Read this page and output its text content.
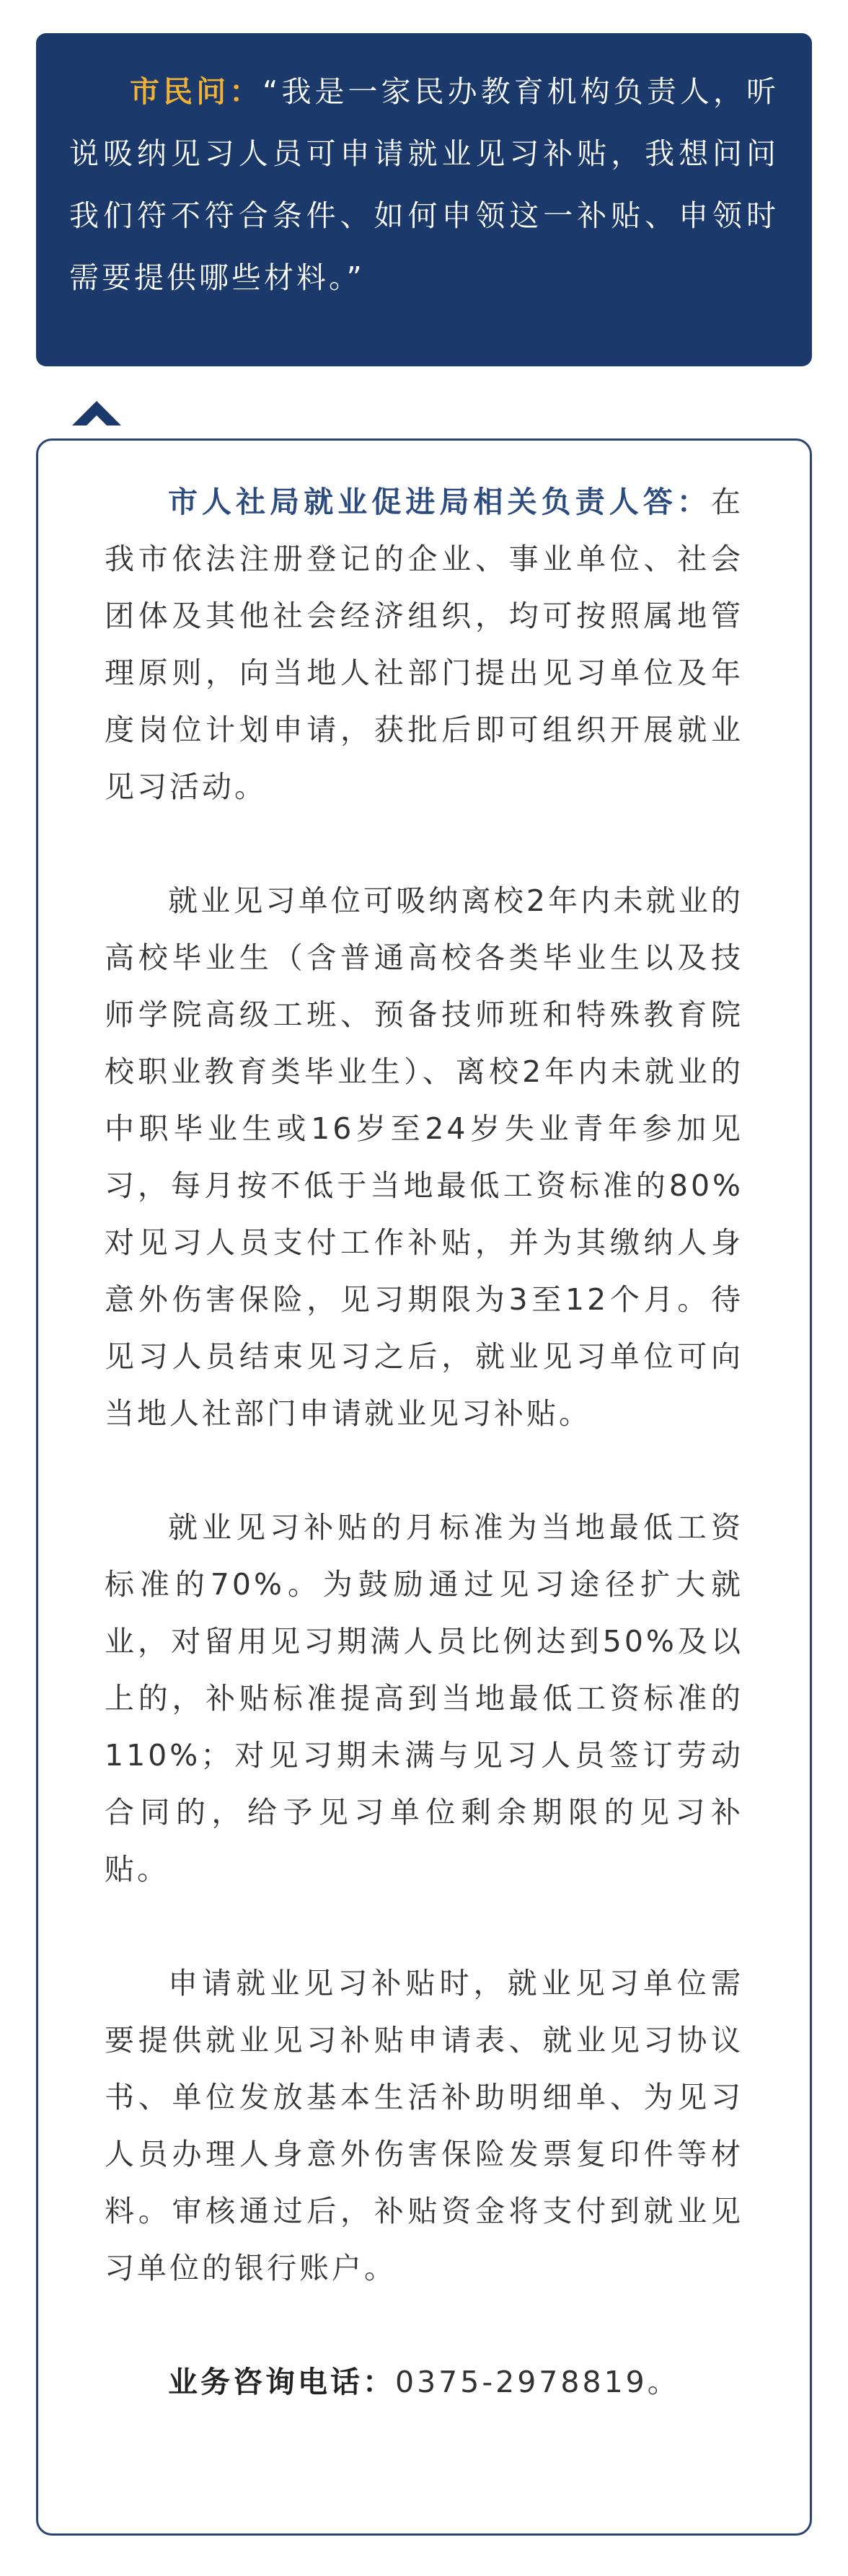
市民问：“我是一家民办教育机构负责人，听说吸纳见习人员可申请就业见习补贴，我想问问我们符不符合条件、如何申领这一补贴、申领时需要提供哪些材料。”

市人社局就业促进局相关负责人答：在我市依法注册登记的企业、事业单位、社会团体及其他社会经济组织，均可按照属地管理原则，向当地人社部门提出见习单位及年度岗位计划申请，获批后即可组织开展就业见习活动。

就业见习单位可吸纳离校2年内未就业的高校毕业生（含普通高校各类毕业生以及技师学院高级工班、预备技师班和特殊教育院校职业教育类毕业生）、离校2年内未就业的中职毕业生或16岁至24岁失业青年参加见习，每月按不低于当地最低工资标准的80%对见习人员支付工作补贴，并为其缴纳人身意外伤害保险，见习期限为3至12个月。待见习人员结束见习之后，就业见习单位可向当地人社部门申请就业见习补贴。

就业见习补贴的月标准为当地最低工资标准的70%。为鼓励通过见习途径扩大就业，对留用见习期满人员比例达到50%及以上的，补贴标准提高到当地最低工资标准的110%；对见习期未满与见习人员签订劳动合同的，给予见习单位剩余期限的见习补贴。

申请就业见习补贴时，就业见习单位需要提供就业见习补贴申请表、就业见习协议书、单位发放基本生活补助明细单、为见习人员办理人身意外伤害保险发票复印件等材料。审核通过后，补贴资金将支付到就业见习单位的银行账户。

业务咨询电话：0375-2978819。
